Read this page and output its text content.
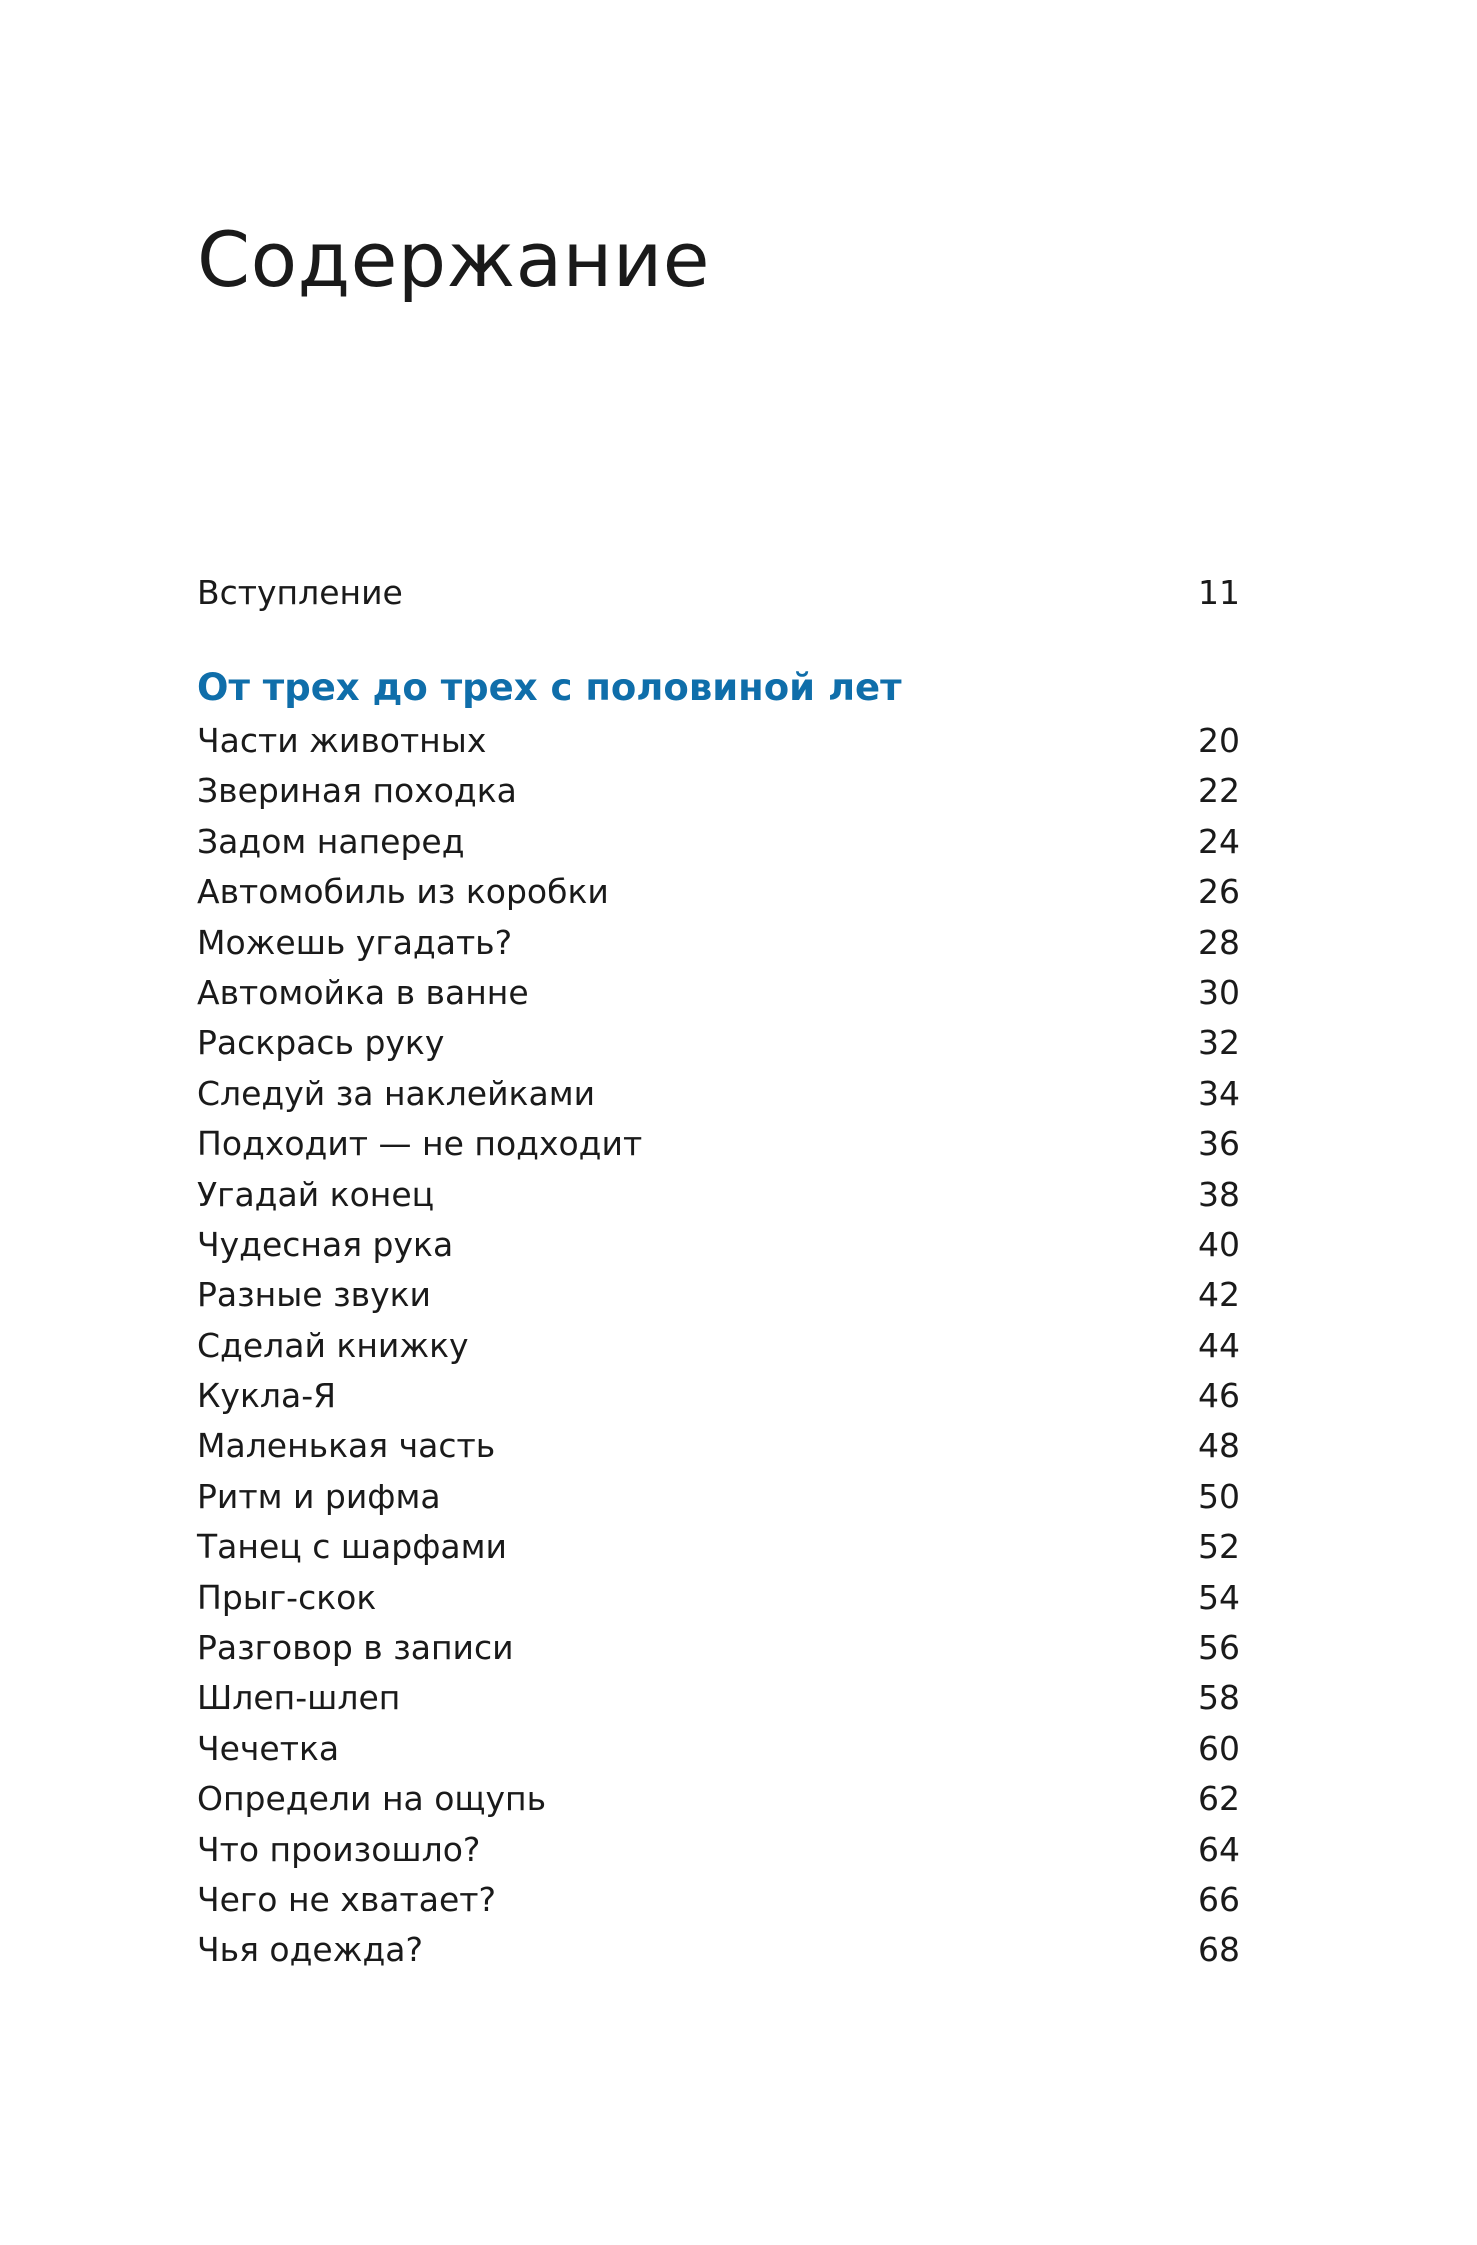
Содержание
Вступление	11
От трех до трех с половиной лет
Части животных	20
Звериная походка	22
Задом наперед	24
Автомобиль из коробки	26
Можешь угадать?	28
Автомойка в ванне	30
Раскрась руку	32
Следуй за наклейками	34
Подходит — не подходит	36
Угадай конец	38
Чудесная рука	40
Разные звуки	42
Сделай книжку	44
Кукла-Я	46
Маленькая часть	48
Ритм и рифма	50
Танец с шарфами	52
Прыг-скок	54
Разговор в записи	56
Шлеп-шлеп	58
Чечетка	60
Определи на ощупь	62
Что произошло?	64
Чего не хватает?	66
Чья одежда?	68
